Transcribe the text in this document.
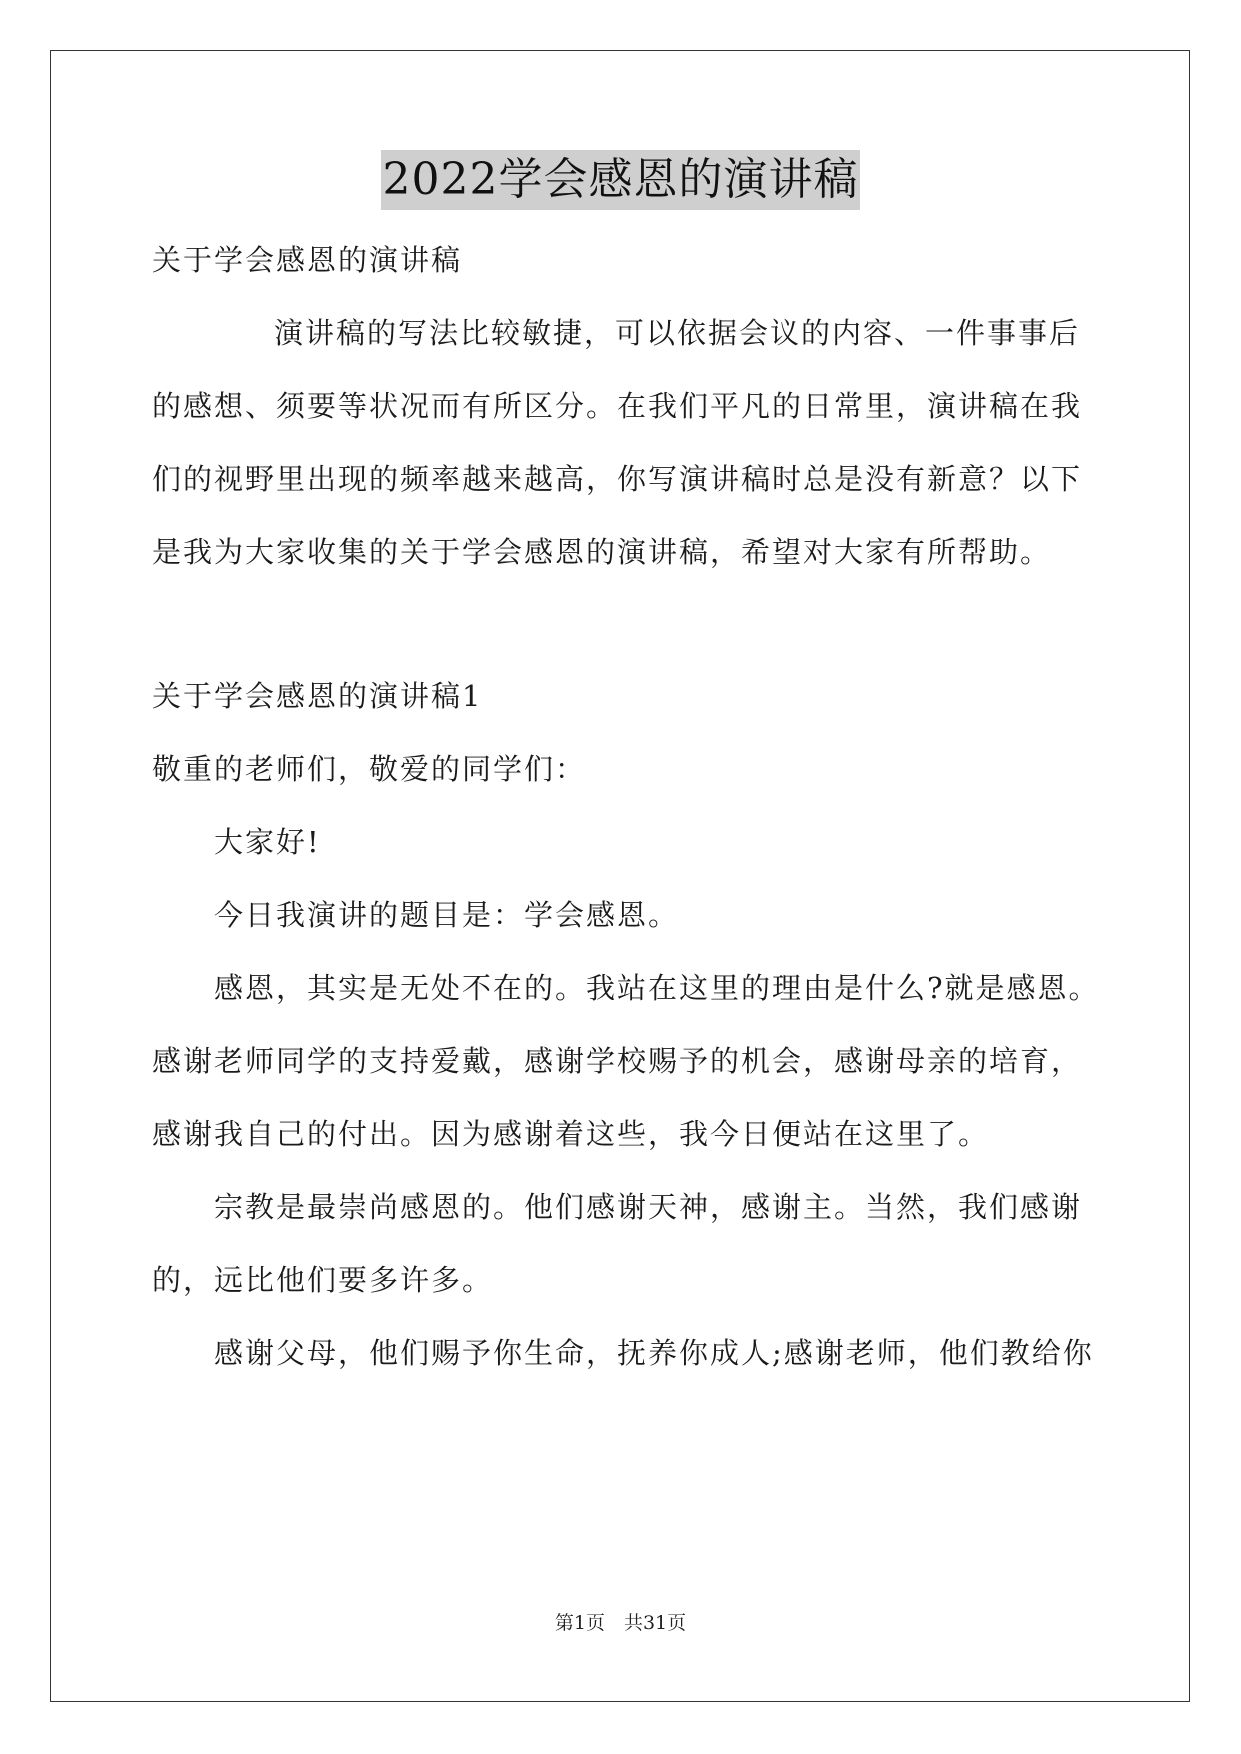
2022学会感恩的演讲稿
关于学会感恩的演讲稿
演讲稿的写法比较敏捷，可以依据会议的内容、一件事事后
的感想、须要等状况而有所区分。在我们平凡的日常里，演讲稿在我
们的视野里出现的频率越来越高，你写演讲稿时总是没有新意？以下
是我为大家收集的关于学会感恩的演讲稿，希望对大家有所帮助。
关于学会感恩的演讲稿1
敬重的老师们，敬爱的同学们：
大家好!
今日我演讲的题目是：学会感恩。
感恩，其实是无处不在的。我站在这里的理由是什么?就是感恩。
感谢老师同学的支持爱戴，感谢学校赐予的机会，感谢母亲的培育，
感谢我自己的付出。因为感谢着这些，我今日便站在这里了。
宗教是最崇尚感恩的。他们感谢天神，感谢主。当然，我们感谢
的，远比他们要多许多。
感谢父母，他们赐予你生命，抚养你成人;感谢老师，他们教给你
第1页　共31页
